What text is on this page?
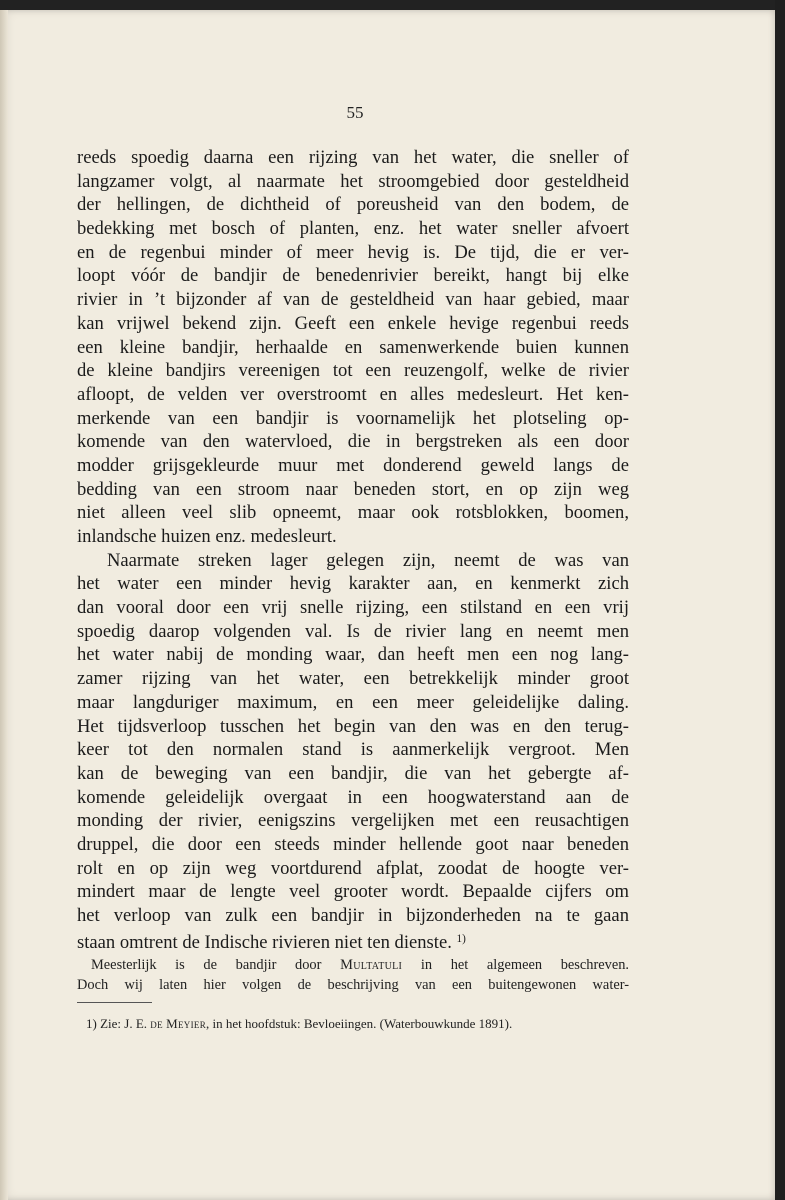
55
reeds spoedig daarna een rijzing van het water, die sneller of
langzamer volgt, al naarmate het stroomgebied door gesteldheid
der hellingen, de dichtheid of poreusheid van den bodem, de
bedekking met bosch of planten, enz. het water sneller afvoert
en de regenbui minder of meer hevig is. De tijd, die er ver-
loopt vóór de bandjir de benedenrivier bereikt, hangt bij elke
rivier in ’t bijzonder af van de gesteldheid van haar gebied, maar
kan vrijwel bekend zijn. Geeft een enkele hevige regenbui reeds
een kleine bandjir, herhaalde en samenwerkende buien kunnen
de kleine bandjirs vereenigen tot een reuzengolf, welke de rivier
afloopt, de velden ver overstroomt en alles medesleurt. Het ken-
merkende van een bandjir is voornamelijk het plotseling op-
komende van den watervloed, die in bergstreken als een door
modder grijsgekleurde muur met donderend geweld langs de
bedding van een stroom naar beneden stort, en op zijn weg
niet alleen veel slib opneemt, maar ook rotsblokken, boomen,
inlandsche huizen enz. medesleurt.
Naarmate streken lager gelegen zijn, neemt de was van
het water een minder hevig karakter aan, en kenmerkt zich
dan vooral door een vrij snelle rijzing, een stilstand en een vrij
spoedig daarop volgenden val. Is de rivier lang en neemt men
het water nabij de monding waar, dan heeft men een nog lang-
zamer rijzing van het water, een betrekkelijk minder groot
maar langduriger maximum, en een meer geleidelijke daling.
Het tijdsverloop tusschen het begin van den was en den terug-
keer tot den normalen stand is aanmerkelijk vergroot. Men
kan de beweging van een bandjir, die van het gebergte af-
komende geleidelijk overgaat in een hoogwaterstand aan de
monding der rivier, eenigszins vergelijken met een reusachtigen
druppel, die door een steeds minder hellende goot naar beneden
rolt en op zijn weg voortdurend afplat, zoodat de hoogte ver-
mindert maar de lengte veel grooter wordt. Bepaalde cijfers om
het verloop van zulk een bandjir in bijzonderheden na te gaan
staan omtrent de Indische rivieren niet ten dienste. $^{1)}$
Meesterlijk is de bandjir door Multatuli in het algemeen beschreven.
Doch wij laten hier volgen de beschrijving van een buitengewonen water-
1) Zie: J. E. de Meyier, in het hoofdstuk: Bevloeiingen. (Waterbouwkunde 1891).
